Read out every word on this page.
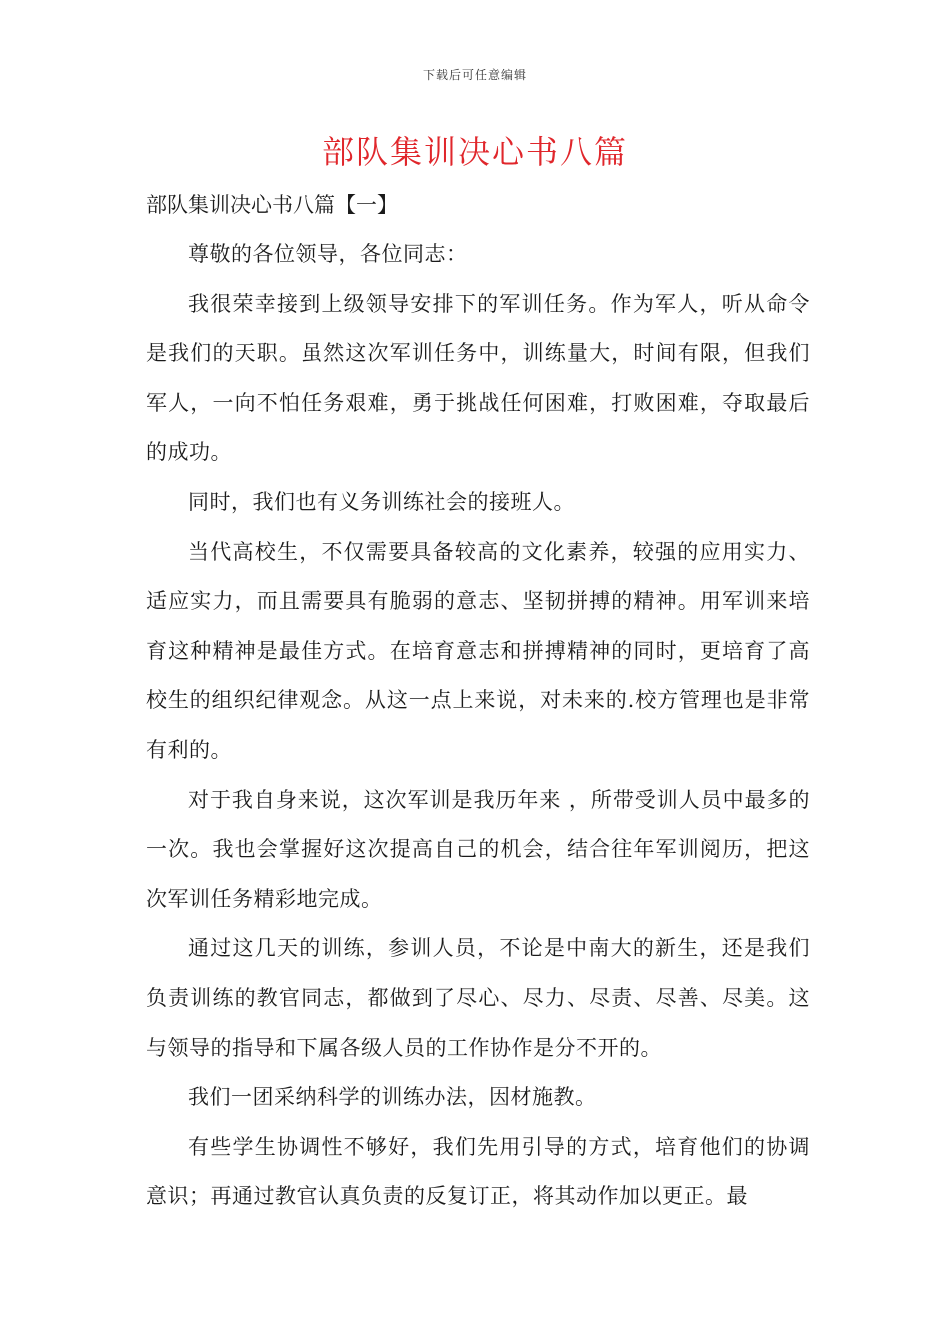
下载后可任意编辑
部队集训决心书八篇
部队集训决心书八篇【一】

尊敬的各位领导，各位同志：

我很荣幸接到上级领导安排下的军训任务。作为军人，听从命令是我们的天职。虽然这次军训任务中，训练量大，时间有限，但我们军人，一向不怕任务艰难，勇于挑战任何困难，打败困难，夺取最后的成功。

同时，我们也有义务训练社会的接班人。

当代高校生，不仅需要具备较高的文化素养，较强的应用实力、适应实力，而且需要具有脆弱的意志、坚韧拼搏的精神。用军训来培育这种精神是最佳方式。在培育意志和拼搏精神的同时，更培育了高校生的组织纪律观念。从这一点上来说，对未来的.校方管理也是非常有利的。

对于我自身来说，这次军训是我历年来 ，所带受训人员中最多的一次。我也会掌握好这次提高自己的机会，结合往年军训阅历，把这次军训任务精彩地完成。

通过这几天的训练，参训人员，不论是中南大的新生，还是我们负责训练的教官同志，都做到了尽心、尽力、尽责、尽善、尽美。这与领导的指导和下属各级人员的工作协作是分不开的。

我们一团采纳科学的训练办法，因材施教。

有些学生协调性不够好，我们先用引导的方式，培育他们的协调意识；再通过教官认真负责的反复订正，将其动作加以更正。最
